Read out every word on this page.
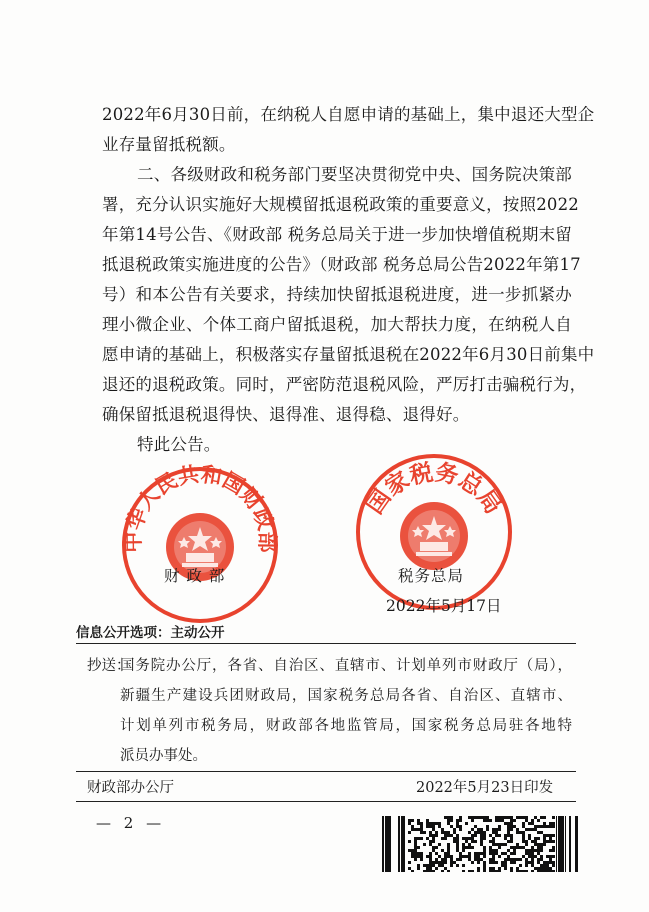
2022年6月30日前，在纳税人自愿申请的基础上，集中退还大型企
业存量留抵税额。
二、各级财政和税务部门要坚决贯彻党中央、国务院决策部
署，充分认识实施好大规模留抵退税政策的重要意义，按照2022
年第14号公告、《财政部 税务总局关于进一步加快增值税期末留
抵退税政策实施进度的公告》（财政部 税务总局公告2022年第17
号）和本公告有关要求，持续加快留抵退税进度，进一步抓紧办
理小微企业、个体工商户留抵退税，加大帮扶力度，在纳税人自
愿申请的基础上，积极落实存量留抵退税在2022年6月30日前集中
退还的退税政策。同时，严密防范退税风险，严厉打击骗税行为，
确保留抵退税退得快、退得准、退得稳、退得好。
特此公告。
中华人民共和国财政部
财 政 部
国家税务总局
税务总局
2022年5月17日
信息公开选项：主动公开
抄送：
国务院办公厅，各省、自治区、直辖市、计划单列市财政厅（局），
新疆生产建设兵团财政局，国家税务总局各省、自治区、直辖市、
计划单列市税务局，财政部各地监管局，国家税务总局驻各地特
派员办事处。
财政部办公厅	2022年5月23日印发
— 2 —
